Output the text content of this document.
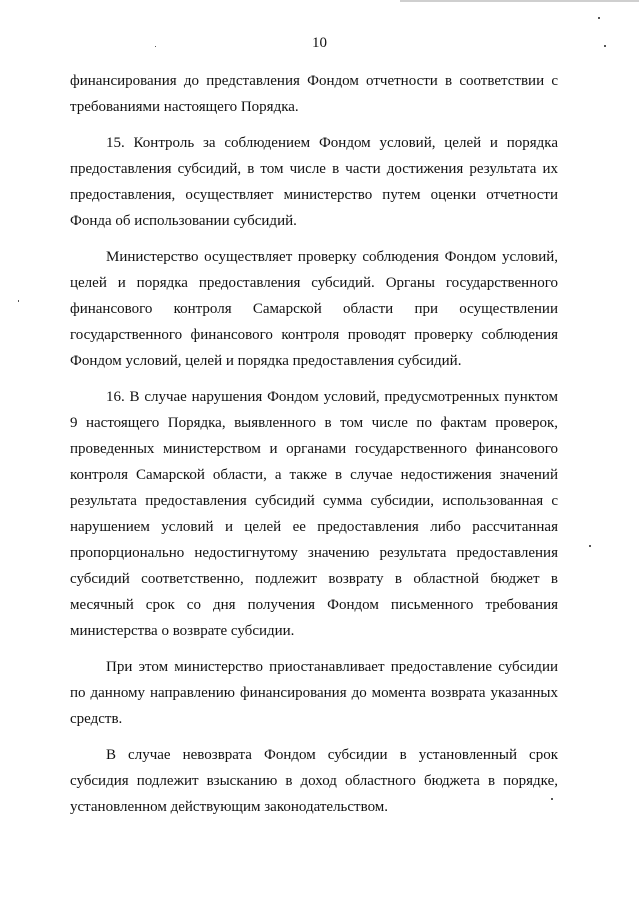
10

финансирования до представления Фондом отчетности в соответствии с требованиями настоящего Порядка.

15. Контроль за соблюдением Фондом условий, целей и порядка предоставления субсидий, в том числе в части достижения результата их предоставления, осуществляет министерство путем оценки отчетности Фонда об использовании субсидий.

Министерство осуществляет проверку соблюдения Фондом условий, целей и порядка предоставления субсидий. Органы государственного финансового контроля Самарской области при осуществлении государственного финансового контроля проводят проверку соблюдения Фондом условий, целей и порядка предоставления субсидий.

16. В случае нарушения Фондом условий, предусмотренных пунктом 9 настоящего Порядка, выявленного в том числе по фактам проверок, проведенных министерством и органами государственного финансового контроля Самарской области, а также в случае недостижения значений результата предоставления субсидий сумма субсидии, использованная с нарушением условий и целей ее предоставления либо рассчитанная пропорционально недостигнутому значению результата предоставления субсидий соответственно, подлежит возврату в областной бюджет в месячный срок со дня получения Фондом письменного требования министерства о возврате субсидии.

При этом министерство приостанавливает предоставление субсидии по данному направлению финансирования до момента возврата указанных средств.

В случае невозврата Фондом субсидии в установленный срок субсидия подлежит взысканию в доход областного бюджета в порядке, установленном действующим законодательством.
